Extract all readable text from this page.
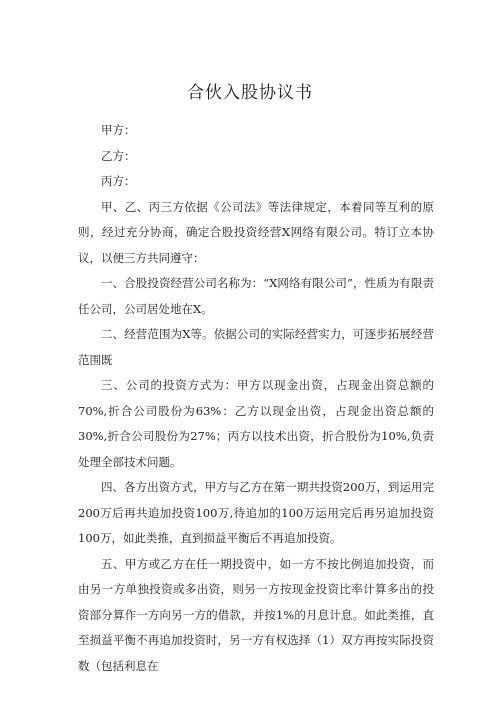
合伙入股协议书

甲方：

乙方：

丙方：

甲、乙、丙三方依据《公司法》等法律规定，本着同等互利的原则，经过充分协商，确定合股投资经营X网络有限公司。特订立本协议，以便三方共同遵守：

一、合股投资经营公司名称为：“X网络有限公司”，性质为有限责任公司，公司居处地在X。

二、经营范围为X等。依据公司的实际经营实力，可逐步拓展经营范围既

三、公司的投资方式为：甲方以现金出资，占现金出资总额的70%,折合公司股份为63%：乙方以现金出资，占现金出资总额的30%,折合公司股份为27%；丙方以技术出资，折合股份为10%,负责处理全部技术问题。

四、各方出资方式，甲方与乙方在第一期共投资200万，到运用完200万后再共追加投资100万,待追加的100万运用完后再另追加投资100万，如此类推，直到损益平衡后不再追加投资。

五、甲方或乙方在任一期投资中，如一方不按比例追加投资，而由另一方单独投资或多出资，则另一方按现金投资比率计算多出的投资部分算作一方向另一方的借款，并按1%的月息计息。如此类推，直至损益平衡不再追加投资时，另一方有权选择（1）双方再按实际投资数（包括利息在
